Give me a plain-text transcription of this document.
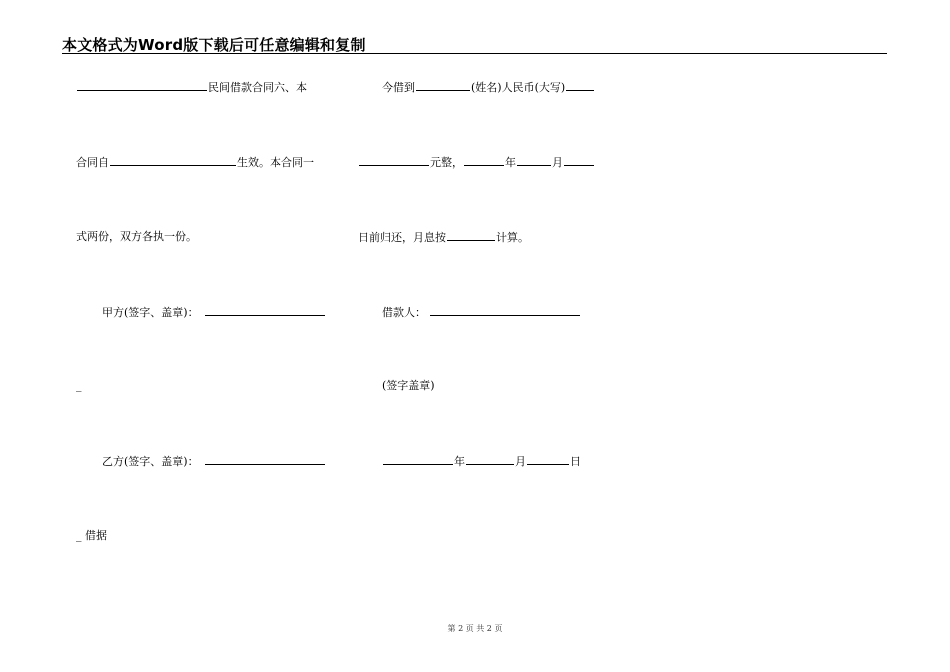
本文格式为Word版下载后可任意编辑和复制
民间借款合同六、本
合同自	生效。本合同一
式两份，双方各执一份。
甲方(签字、盖章)：
_
乙方(签字、盖章)：
_ 借据
今借到	(姓名)人民币(大写)
元整，	年	月
日前归还，月息按	计算。
借款人：
(签字盖章)
年	月	日
第 2 页 共 2 页
